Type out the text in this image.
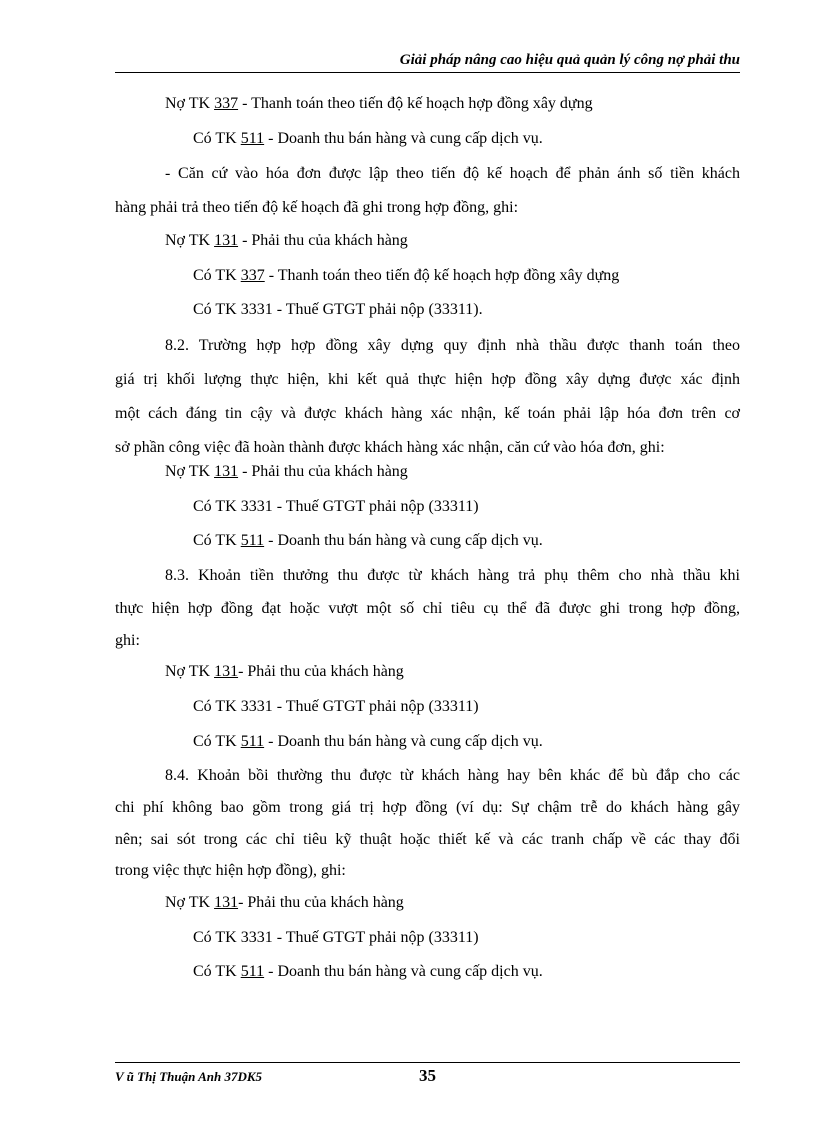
Giải pháp nâng cao hiệu quả quản lý công nợ phải thu
Nợ TK 337 - Thanh toán theo tiến độ kế hoạch hợp đồng xây dựng
Có TK 511 - Doanh thu bán hàng và cung cấp dịch vụ.
- Căn cứ vào hóa đơn được lập theo tiến độ kế hoạch để phản ánh số tiền khách
hàng phải trả theo tiến độ kế hoạch đã ghi trong hợp đồng, ghi:
Nợ TK 131 - Phải thu của khách hàng
Có TK 337 - Thanh toán theo tiến độ kế hoạch hợp đồng xây dựng
Có TK 3331 - Thuế GTGT phải nộp (33311).
8.2. Trường hợp hợp đồng xây dựng quy định nhà thầu được thanh toán theo
giá trị khối lượng thực hiện, khi kết quả thực hiện hợp đồng xây dựng được xác định
một cách đáng tin cậy và được khách hàng xác nhận, kế toán phải lập hóa đơn trên cơ
sở phần công việc đã hoàn thành được khách hàng xác nhận, căn cứ vào hóa đơn, ghi:
Nợ TK 131 - Phải thu của khách hàng
Có TK 3331 - Thuế GTGT phải nộp (33311)
Có TK 511 - Doanh thu bán hàng và cung cấp dịch vụ.
8.3. Khoản tiền thưởng thu được từ khách hàng trả phụ thêm cho nhà thầu khi
thực hiện hợp đồng đạt hoặc vượt một số chỉ tiêu cụ thể đã được ghi trong hợp đồng,
ghi:
Nợ TK 131- Phải thu của khách hàng
Có TK 3331 - Thuế GTGT phải nộp (33311)
Có TK 511 - Doanh thu bán hàng và cung cấp dịch vụ.
8.4. Khoản bồi thường thu được từ khách hàng hay bên khác để bù đắp cho các
chi phí không bao gồm trong giá trị hợp đồng (ví dụ: Sự chậm trễ do khách hàng gây
nên; sai sót trong các chỉ tiêu kỹ thuật hoặc thiết kế và các tranh chấp về các thay đổi
trong việc thực hiện hợp đồng), ghi:
Nợ TK 131- Phải thu của khách hàng
Có TK 3331 - Thuế GTGT phải nộp (33311)
Có TK 511 - Doanh thu bán hàng và cung cấp dịch vụ.
V ũ Thị Thuận Anh 37DK5	35
